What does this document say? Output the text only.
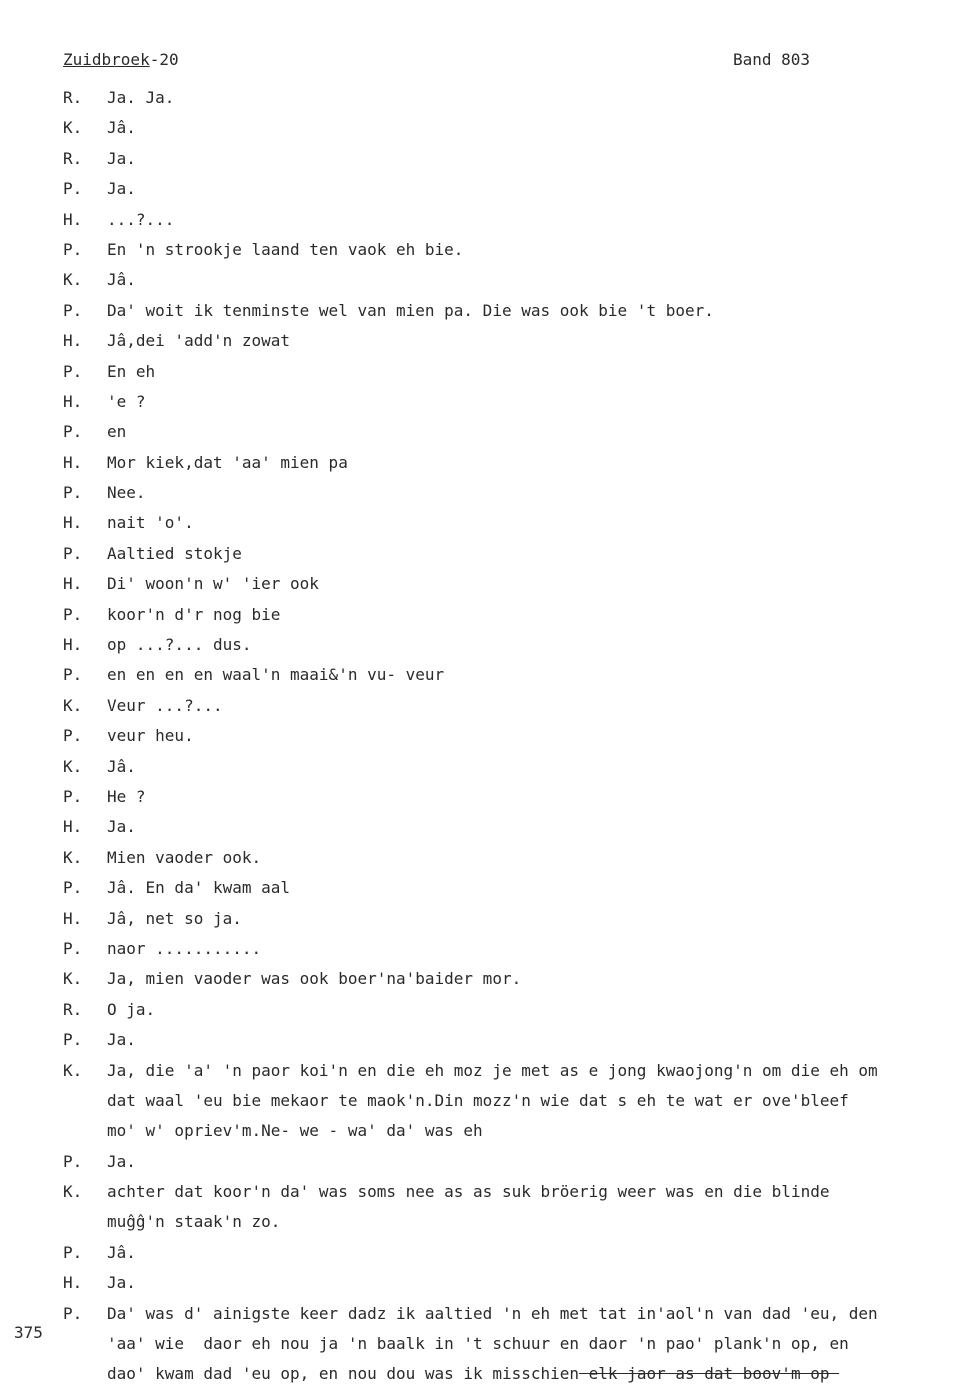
Zuidbroek-20	Band 803
R.	Ja. Ja.
K.	Jâ.
R.	Ja.
P.	Ja.
H.	...?...
P.	En 'n strookje laand ten vaok eh bie.
K.	Jâ.
P.	Da' woit ik tenminste wel van mien pa. Die was ook bie 't boer.
H.	Jâ,dei 'add'n zowat
P.	En eh
H.	'e ?
P.	en
H.	Mor kiek,dat 'aa' mien pa
P.	Nee.
H.	nait 'o'.
P.	Aaltied stokje
H.	Di' woon'n w' 'ier ook
P.	koor'n d'r nog bie
H.	op ...?... dus.
P.	en en en en waal'n maai&'n vu- veur
K.	Veur ...?...
P.	veur heu.
K.	Jâ.
P.	He ?
H.	Ja.
K.	Mien vaoder ook.
P.	Jâ. En da' kwam aal
H.	Jâ, net so ja.
P.	naor ...........
K.	Ja, mien vaoder was ook boer'na'baider mor.
R.	O ja.
P.	Ja.
K.	Ja, die 'a' 'n paor koi'n en die eh moz je met as e jong kwaojong'n om die eh om
dat waal 'eu bie mekaor te maok'n.Din mozz'n wie dat s eh te wat er ove'bleef
mo' w' opriev'm.Ne- we - wa' da' was eh
P.	Ja.
K.	achter dat koor'n da' was soms nee as as suk bröerig weer was en die blinde
muĝĝ'n staak'n zo.
P.	Jâ.
H.	Ja.
P.	Da' was d' ainigste keer dadz ik aaltied 'n eh met tat in'aol'n van dad 'eu, den
'aa' wie  daor eh nou ja 'n baalk in 't schuur en daor 'n pao' plank'n op, en
dao' kwam dad 'eu op, en nou dou was ik misschien elk jaor as dat boov'm op
375
